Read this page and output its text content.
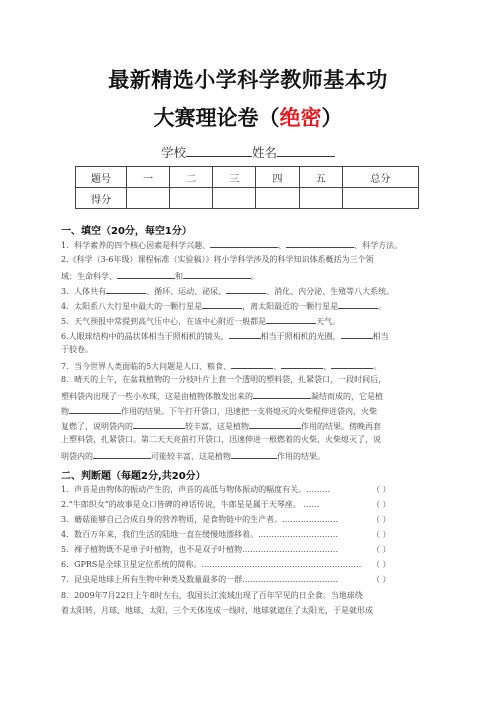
最新精选小学科学教师基本功
大赛理论卷（绝密）
学校	姓名
题号	一	二	三	四	五	总分
得分						
一、填空（20分，每空1分）
1．科学素养的四个核心因素是科学兴趣、	、	、科学方法。
2.《科学（3-6年级）课程标准（实验稿）》将小学科学涉及的科学知识体系概括为三个领
域：生命科学、	和	。
3．人体共有	、循环、运动、泌尿、	、消化、内分泌、生殖等八大系统。
4．太阳系八大行星中最大的一颗行星是	，离太阳最近的一颗行星是	。
5．天气预报中常提到高气压中心，在该中心附近一般都是	天气。
6.人眼球结构中的晶状体相当于照相机的镜头，	相当于照相机的光圈，	相当
于胶卷。
7．当今世界人类面临的5大问题是人口、粮食、	、	、	。
8．晴天的上午，在盆栽植物的一分枝叶片上套一个透明的塑料袋，扎紧袋口，一段时间后，
塑料袋内出现了一些小水珠，这是由植物体散发出来的	凝结而成的，它是植
物	作用的结果。下午打开袋口，迅速把一支将熄灭的火柴棍伸进袋内，火柴
复燃了，说明袋内的	较丰富，这是植物	作用的结果。傍晚再套
上塑料袋，扎紧袋口。第二天天亮前打开袋口，迅速伸进一根燃着的火柴，火柴熄灭了，说
明袋内的	可能较丰富，这是植物	作用的结果。
二、判断题（每题2分,共20分）
1．声音是由物体的振动产生的，声音的高低与物体振动的幅度有关。………	（ ）
2.“牛郎织女”的故事是众口皆碑的神话传说，牛郎星是属于天琴座。 ……	（ ）
3．蘑菇能够自己合成自身的营养物质，是食物链中的生产者。…………………	（ ）
4．数百万年来，我们生活的陆地一直在缓慢地漂移着。…………………………	（ ）
5．裸子植物既不是单子叶植物，也不是双子叶植物………………………………	（ ）
6．GPRS是全球卫星定位系统的简称。…………………………………………………… （ ）
7．昆虫是地球上所有生物中种类及数量最多的一群………………………………	（ ）
8．2009年7月22日上午8时左右，我国长江流域出现了百年罕见的日全食。当地球绕
着太阳转，月球、地球、太阳，三个天体连成一线时，地球就遮住了太阳光，于是就形成
